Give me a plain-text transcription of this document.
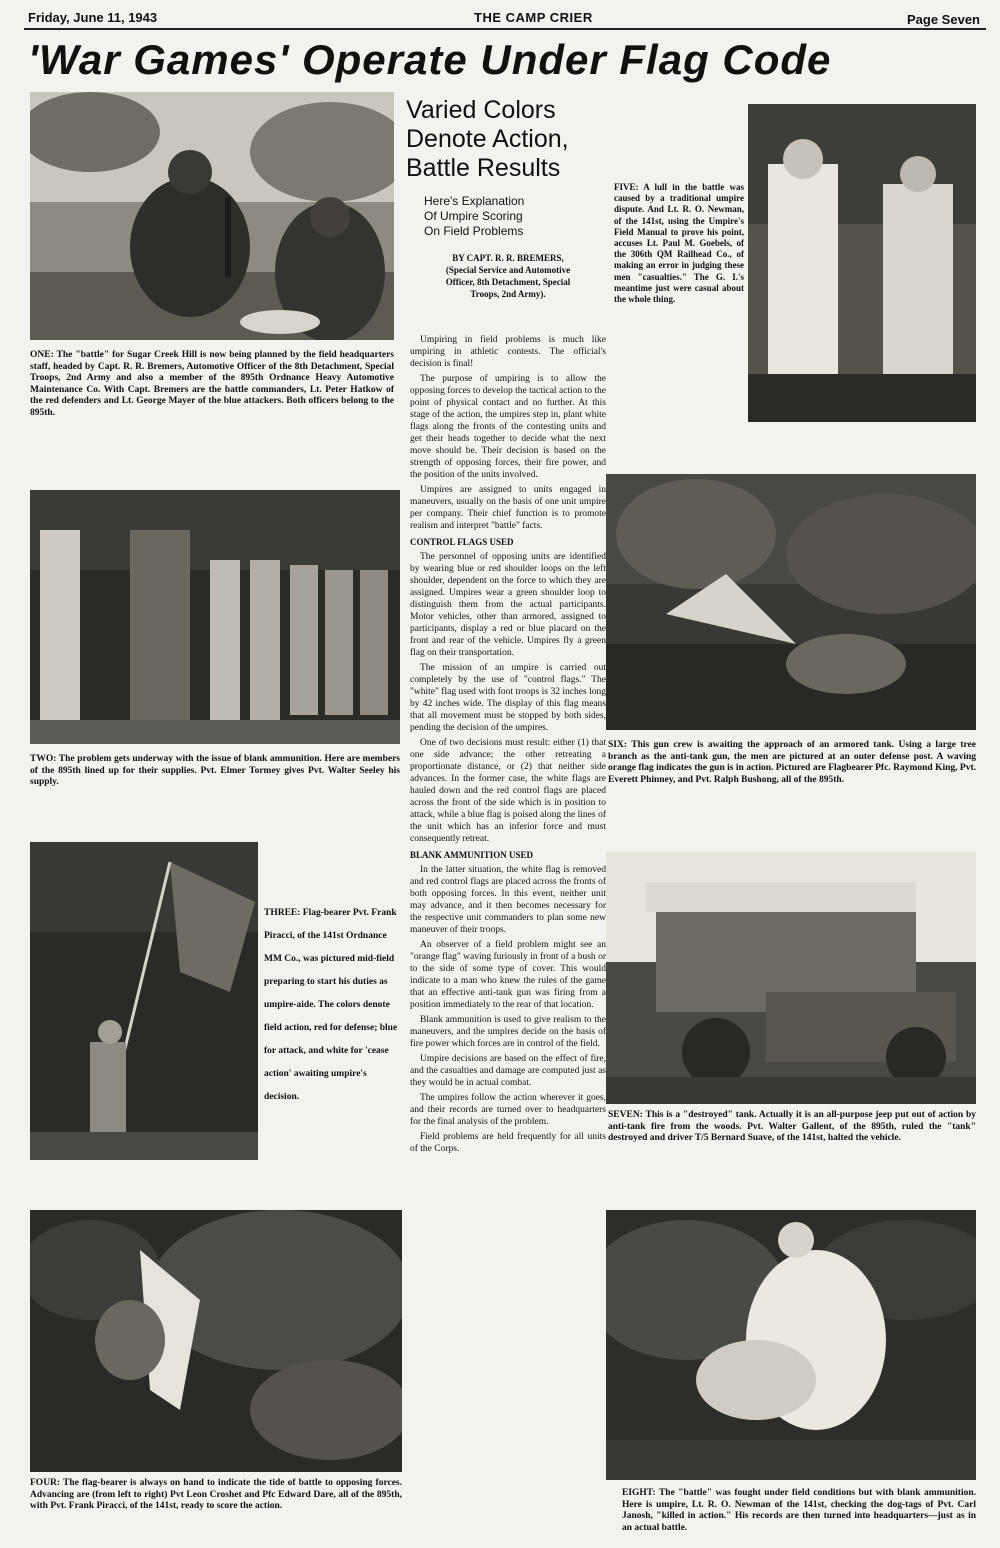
Friday, June 11, 1943	THE CAMP CRIER	Page Seven
'War Games' Operate Under Flag Code
ONE: The "battle" for Sugar Creek Hill is now being planned by the field headquarters staff, headed by Capt. R. R. Bremers, Automotive Officer of the 8th Detachment, Special Troops, 2nd Army and also a member of the 895th Ordnance Heavy Automotive Maintenance Co. With Capt. Bremers are the battle commanders, Lt. Peter Hatkow of the red defenders and Lt. George Mayer of the blue attackers. Both officers belong to the 895th.
Varied Colors
Denote Action,
Battle Results
Here's Explanation
Of Umpire Scoring
On Field Problems
BY CAPT. R. R. BREMERS,
(Special Service and Automotive
Officer, 8th Detachment, Special
Troops, 2nd Army).
FIVE: A lull in the battle was caused by a traditional umpire dispute. And Lt. R. O. Newman, of the 141st, using the Umpire's Field Manual to prove his point, accuses Lt. Paul M. Goebels, of the 306th QM Railhead Co., of making an error in judging these men "casualties." The G. I.'s meantime just were casual about the whole thing.

Umpiring in field problems is much like umpiring in athletic contests. The official's decision is final!

The purpose of umpiring is to allow the opposing forces to develop the tactical action to the point of physical contact and no further. At this stage of the action, the umpires step in, plant white flags along the fronts of the contesting units and get their heads together to decide what the next move should be. Their decision is based on the strength of opposing forces, their fire power, and the position of the units involved.

Umpires are assigned to units engaged in maneuvers, usually on the basis of one unit umpire per company. Their chief function is to promote realism and interpret "battle" facts.

CONTROL FLAGS USED

The personnel of opposing units are identified by wearing blue or red shoulder loops on the left shoulder, dependent on the force to which they are assigned. Umpires wear a green shoulder loop to distinguish them from the actual participants. Motor vehicles, other than armored, assigned to participants, display a red or blue placard on the front and rear of the vehicle. Umpires fly a green flag on their transportation.

The mission of an umpire is carried out completely by the use of "control flags." The "white" flag used with foot troops is 32 inches long by 42 inches wide. The display of this flag means that all movement must be stopped by both sides, pending the decision of the umpires.

One of two decisions must result: either (1) that one side advance; the other retreating a proportionate distance, or (2) that neither side advances. In the former case, the white flags are hauled down and the red control flags are placed across the front of the side which is in position to attack, while a blue flag is poised along the lines of the unit which has an inferior force and must consequently retreat.

BLANK AMMUNITION USED

In the latter situation, the white flag is removed and red control flags are placed across the fronts of both opposing forces. In this event, neither unit may advance, and it then becomes necessary for the respective unit commanders to plan some new maneuver of their troops.

An observer of a field problem might see an "orange flag" waving furiously in front of a bush or to the side of some type of cover. This would indicate to a man who knew the rules of the game that an effective anti-tank gun was firing from a position immediately to the rear of that location.

Blank ammunition is used to give realism to the maneuvers, and the umpires decide on the basis of fire power which forces are in control of the field.

Umpire decisions are based on the effect of fire, and the casualties and damage are computed just as they would be in actual combat.

The umpires follow the action wherever it goes, and their records are turned over to headquarters for the final analysis of the problem.

Field problems are held frequently for all units of the Corps.

TWO: The problem gets underway with the issue of blank ammunition. Here are members of the 895th lined up for their supplies. Pvt. Elmer Tormey gives Pvt. Walter Seeley his supply.
SIX: This gun crew is awaiting the approach of an armored tank. Using a large tree branch as the anti-tank gun, the men are pictured at an outer defense post. A waving orange flag indicates the gun is in action. Pictured are Flagbearer Pfc. Raymond King, Pvt. Everett Phinney, and Pvt. Ralph Bushong, all of the 895th.
THREE: Flag-bearer Pvt. Frank Piracci, of the 141st Ordnance MM Co., was pictured mid-field preparing to start his duties as umpire-aide. The colors denote field action, red for defense; blue for attack, and white for 'cease action' awaiting umpire's decision.
SEVEN: This is a "destroyed" tank. Actually it is an all-purpose jeep put out of action by anti-tank fire from the woods. Pvt. Walter Gallent, of the 895th, ruled the "tank" destroyed and driver T/5 Bernard Suave, of the 141st, halted the vehicle.
FOUR: The flag-bearer is always on hand to indicate the tide of battle to opposing forces. Advancing are (from left to right) Pvt Leon Croshet and Pfc Edward Dare, all of the 895th, with Pvt. Frank Piracci, of the 141st, ready to score the action.
EIGHT: The "battle" was fought under field conditions but with blank ammunition. Here is umpire, Lt. R. O. Newman of the 141st, checking the dog-tags of Pvt. Carl Janosh, "killed in action." His records are then turned into headquarters—just as in an actual battle.
